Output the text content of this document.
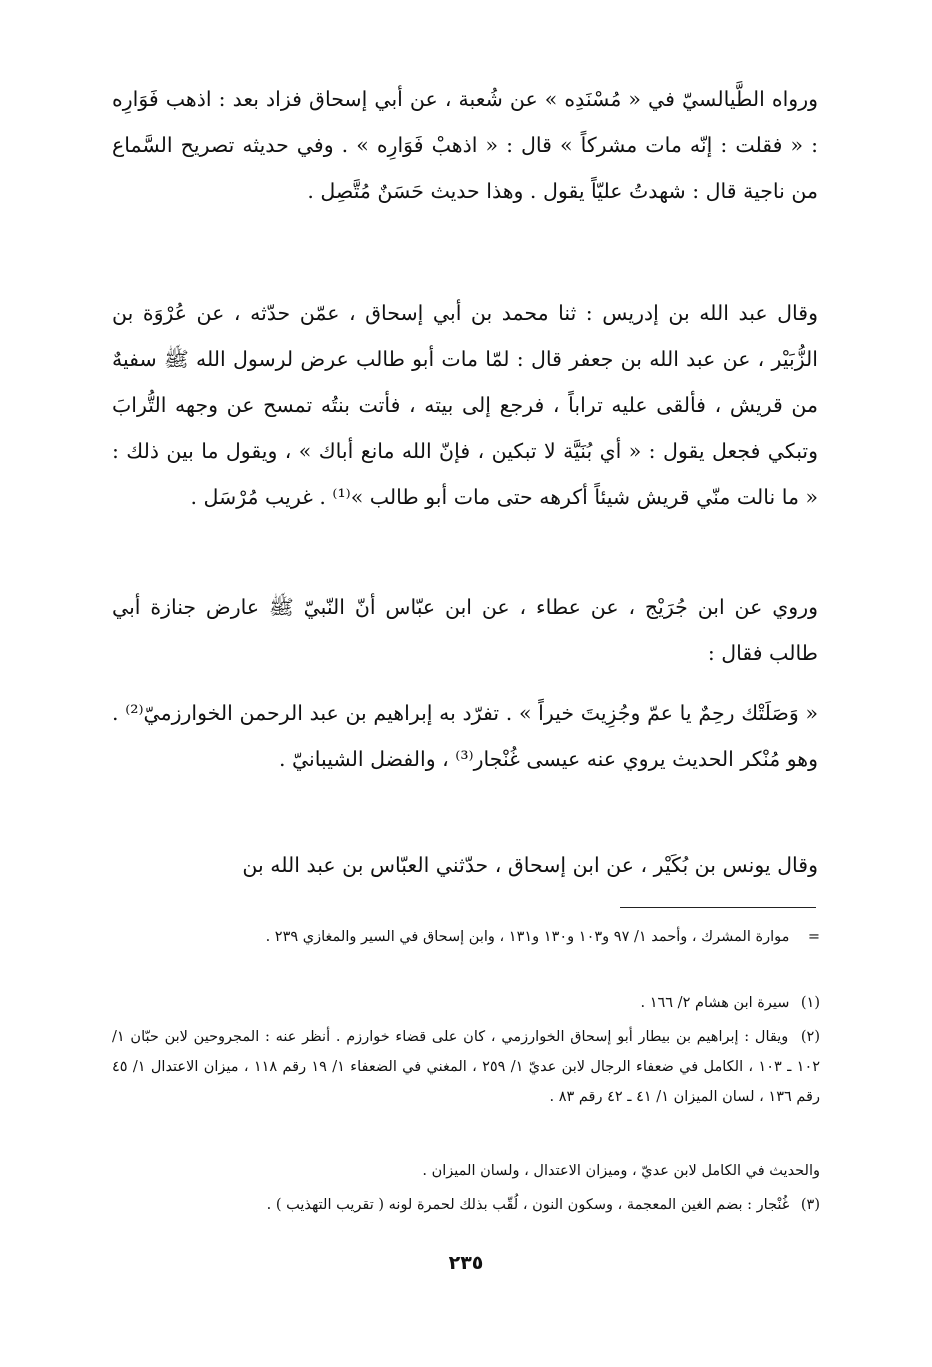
ورواه الطَّيالسيّ في « مُسْنَدِه » عن شُعبة ، عن أبي إسحاق فزاد بعد : اذهب فَوَارِه : « فقلت : إنّه مات مشركاً » قال : « اذهبْ فَوَارِه » . وفي حديثه تصريح السَّماع من ناجية قال : شهدتُ عليّاً يقول . وهذا حديث حَسَنٌ مُتَّصِل .

وقال عبد الله بن إدريس : ثنا محمد بن أبي إسحاق ، عمّن حدّثه ، عن عُرْوَة بن الزُّبَيْر ، عن عبد الله بن جعفر قال : لمّا مات أبو طالب عرض لرسول الله ﷺ سفيهٌ من قريش ، فألقى عليه تراباً ، فرجع إلى بيته ، فأتت بنتُه تمسح عن وجهه التُّرابَ وتبكي فجعل يقول : « أي بُنَيَّة لا تبكين ، فإنّ الله مانع أباك » ، ويقول ما بين ذلك : « ما نالت منّي قريش شيئاً أكرهه حتى مات أبو طالب »⁽¹⁾ . غريب مُرْسَل .

وروي عن ابن جُرَيْج ، عن عطاء ، عن ابن عبّاس أنّ النّبيّ ﷺ عارض جنازة أبي طالب فقال :

« وَصَلَتْك رحِمٌ يا عمّ وجُزِيتَ خيراً » . تفرّد به إبراهيم بن عبد الرحمن الخوارزميّ⁽²⁾ . وهو مُنْكر الحديث يروي عنه عيسى غُنْجار⁽³⁾ ، والفضل الشيبانيّ .

وقال يونس بن بُكَيْر ، عن ابن إسحاق ، حدّثني العبّاس بن عبد الله بن

= موارة المشرك ، وأحمد ١/ ٩٧ و١٠٣ و١٣٠ و١٣١ ، وابن إسحاق في السير والمغازي ٢٣٩ .
(١) سيرة ابن هشام ٢/ ١٦٦ .
(٢) ويقال : إبراهيم بن بيطار أبو إسحاق الخوارزمي ، كان على قضاء خوارزم . أنظر عنه : المجروحين لابن حبّان ١/ ١٠٢ ـ ١٠٣ ، الكامل في ضعفاء الرجال لابن عديّ ١/ ٢٥٩ ، المغني في الضعفاء ١/ ١٩ رقم ١١٨ ، ميزان الاعتدال ١/ ٤٥ رقم ١٣٦ ، لسان الميزان ١/ ٤١ ـ ٤٢ رقم ٨٣ .
والحديث في الكامل لابن عديّ ، وميزان الاعتدال ، ولسان الميزان .
(٣) غُنْجار : بضم الغين المعجمة ، وسكون النون ، لُقّب بذلك لحمرة لونه ( تقريب التهذيب ) .
٢٣٥
